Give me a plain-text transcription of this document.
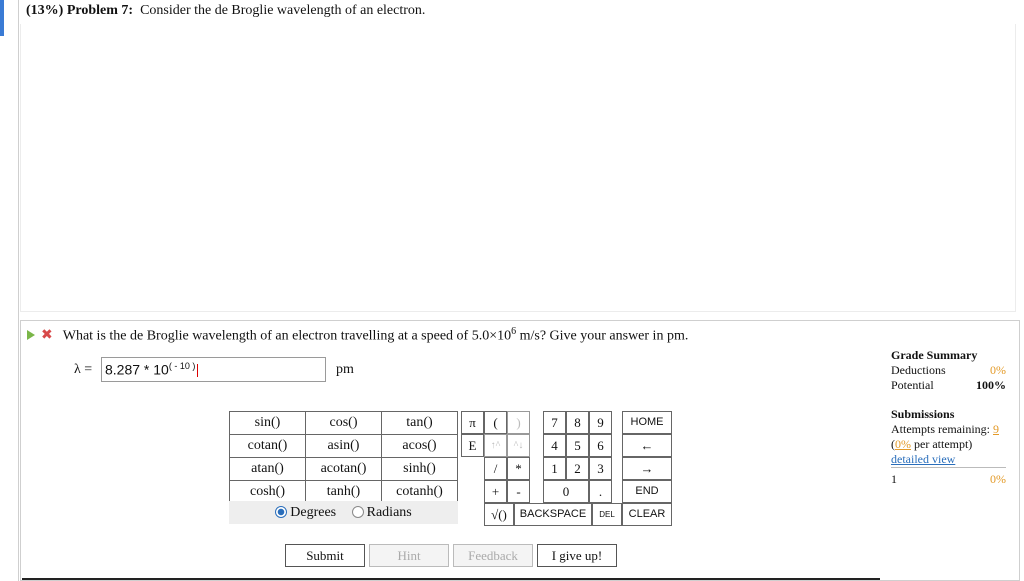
(13%) Problem 7: Consider the de Broglie wavelength of an electron.
✖ What is the de Broglie wavelength of an electron travelling at a speed of $5.0\times 10^6$ m/s? Give your answer in pm.
$\lambda = 8.287 * 10^{( - 10 )}$	pm
sin()	cos()	tan()
cotan()	asin()	acos()
atan()	acotan()	sinh()
cosh()	tanh()	cotanh()
Degrees
	Radians
π	(	)	7	8	9	HOME
E	↑^	^↓	4	5	6	←
/	*	1	2	3	→
+	-	0	.	END
√()	BACKSPACE	DEL	CLEAR
Submit	Hint	Feedback	I give up!
Grade Summary
Deductions	0%
Potential	100%
Submissions
Attempts remaining: 9
(0% per attempt)
detailed view
1	0%
